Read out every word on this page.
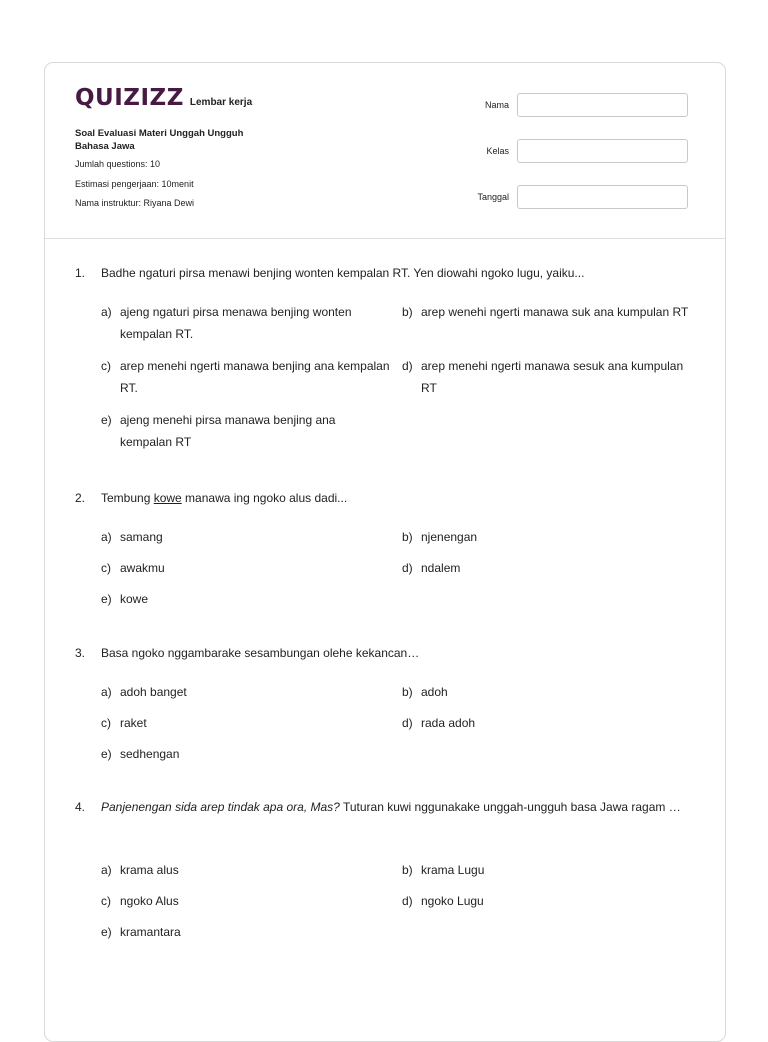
QUIZIZZ Lembar kerja
Soal Evaluasi Materi Unggah Ungguh Bahasa Jawa
Jumlah questions: 10
Estimasi pengerjaan: 10menit
Nama instruktur: Riyana Dewi
Nama
Kelas
Tanggal
1.	Badhe ngaturi pirsa menawi benjing wonten kempalan RT. Yen diowahi ngoko lugu, yaiku...
a) ajeng ngaturi pirsa menawa benjing wonten kempalan RT.
b) arep wenehi ngerti manawa suk ana kumpulan RT
c) arep menehi ngerti manawa benjing ana kempalan RT.
d) arep menehi ngerti manawa sesuk ana kumpulan RT
e) ajeng menehi pirsa manawa benjing ana kempalan RT
2.	Tembung kowe manawa ing ngoko alus dadi...
a) samang	b) njenengan
c) awakmu	d) ndalem
e) kowe
3.	Basa ngoko nggambarake sesambungan olehe kekancan…
a) adoh banget	b) adoh
c) raket	d) rada adoh
e) sedhengan
4.	Panjenengan sida arep tindak apa ora, Mas? Tuturan kuwi nggunakake unggah-ungguh basa Jawa ragam …
a) krama alus	b) krama Lugu
c) ngoko Alus	d) ngoko Lugu
e) kramantara
